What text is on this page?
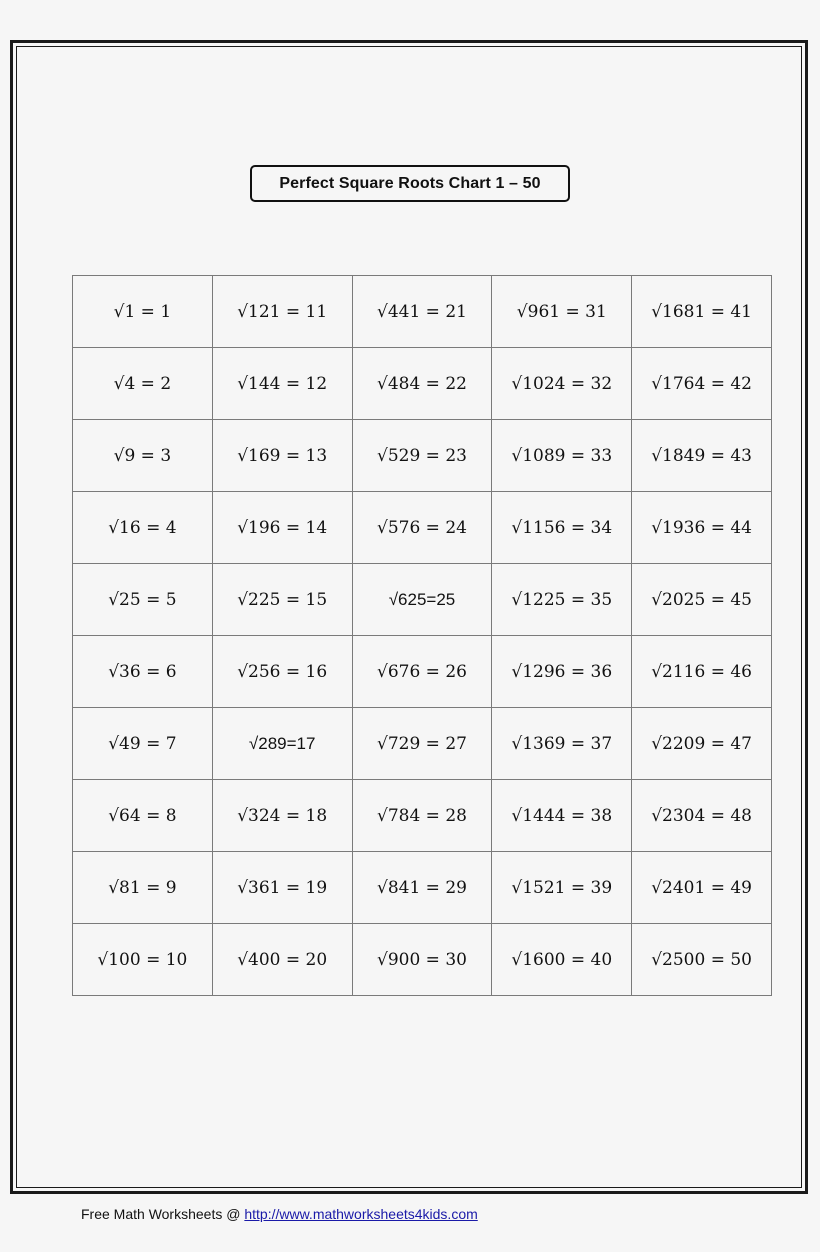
Perfect Square Roots Chart 1 – 50
√1 = 1	√121 = 11	√441 = 21	√961 = 31	√1681 = 41
√4 = 2	√144 = 12	√484 = 22	√1024 = 32	√1764 = 42
√9 = 3	√169 = 13	√529 = 23	√1089 = 33	√1849 = 43
√16 = 4	√196 = 14	√576 = 24	√1156 = 34	√1936 = 44
√25 = 5	√225 = 15	√625=25	√1225 = 35	√2025 = 45
√36 = 6	√256 = 16	√676 = 26	√1296 = 36	√2116 = 46
√49 = 7	√289=17	√729 = 27	√1369 = 37	√2209 = 47
√64 = 8	√324 = 18	√784 = 28	√1444 = 38	√2304 = 48
√81 = 9	√361 = 19	√841 = 29	√1521 = 39	√2401 = 49
√100 = 10	√400 = 20	√900 = 30	√1600 = 40	√2500 = 50
Free Math Worksheets @ http://www.mathworksheets4kids.com
